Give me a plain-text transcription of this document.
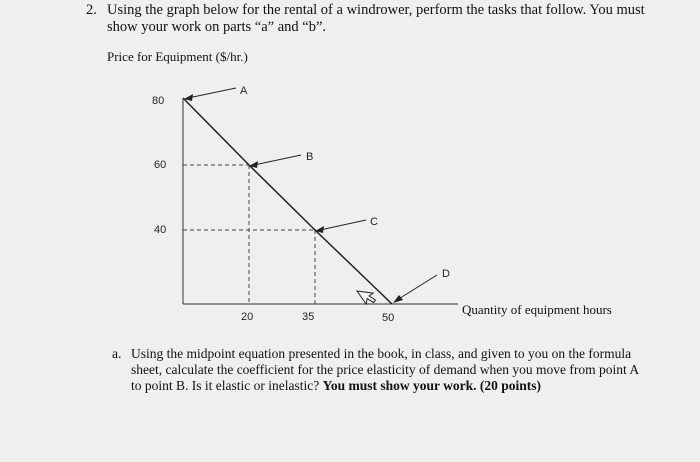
2. Using the graph below for the rental of a windrower, perform the tasks that follow. You must show your work on parts “a” and “b”.
Price for Equipment ($/hr.)
Quantity of equipment hours
80
60
40
20	35	50
A
B
C
D
a. Using the midpoint equation presented in the book, in class, and given to you on the formula sheet, calculate the coefficient for the price elasticity of demand when you move from point A to point B. Is it elastic or inelastic? You must show your work. (20 points)
